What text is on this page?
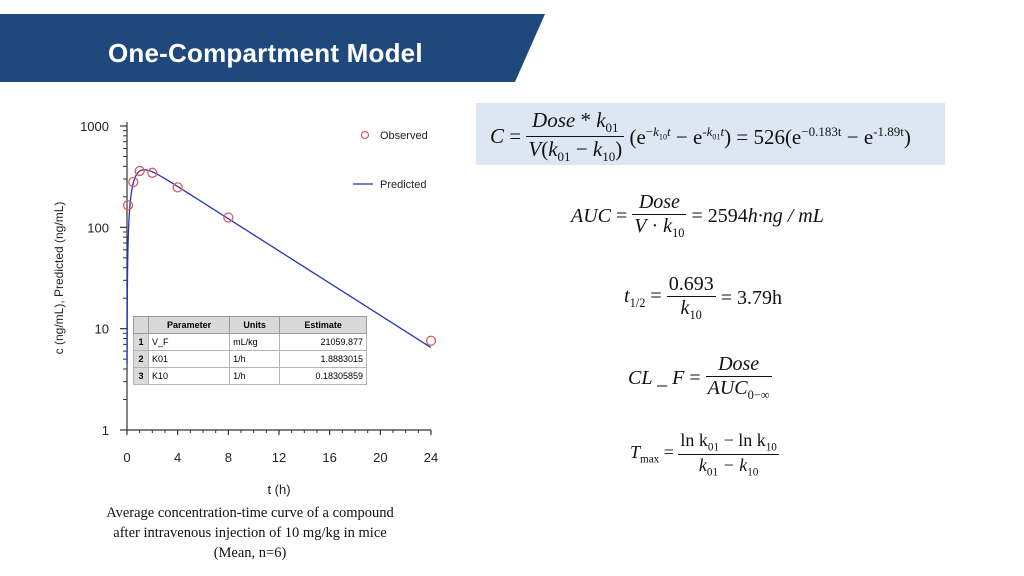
One-Compartment Model
1
10
100
1000
0	4	8	12	16	20	24
t (h)
c (ng/mL), Predicted (ng/mL)
Observed
Predicted
	Parameter	Units	Estimate
1	V_F	mL/kg	21059.877
2	K01	1/h	1.8883015
3	K10	1/h	0.18305859
Average concentration-time curve of a compound
after intravenous injection of 10 mg/kg in mice
(Mean, n=6)
$C = \frac{Dose * k_{01}}{V(k_{01} - k_{10})} (e^{-k_{10}t} - e^{-k_{01}t}) = 526(e^{-0.183t} - e^{-1.89t})$
AUC = $\frac{\text{Dose}}{V \cdot k_{10}} = 2594h\cdot ng$ / mL
$t_{1/2} = \frac{0.693}{k_{10}} = 3.79h$
CL _ $F = \frac{\text{Dose}}{AUC_{0-\infty}}$
$T_{max} = \frac{\ln k_{01} - \ln k_{10}}{k_{01} - k_{10}}$
